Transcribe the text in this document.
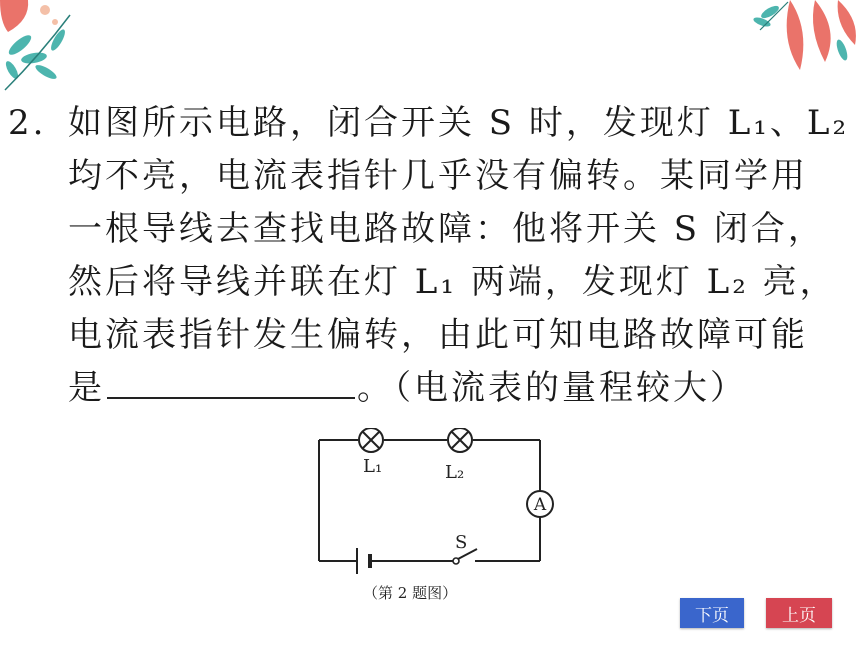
2. 如图所示电路，闭合开关 S 时，发现灯 L₁、L₂
均不亮，电流表指针几乎没有偏转。某同学用
一根导线去查找电路故障：他将开关 S 闭合，
然后将导线并联在灯 L₁ 两端，发现灯 L₂ 亮，
电流表指针发生偏转，由此可知电路故障可能
是	。（电流表的量程较大）
L₁	L₂
A
S
（第 2 题图）
下页	上页
